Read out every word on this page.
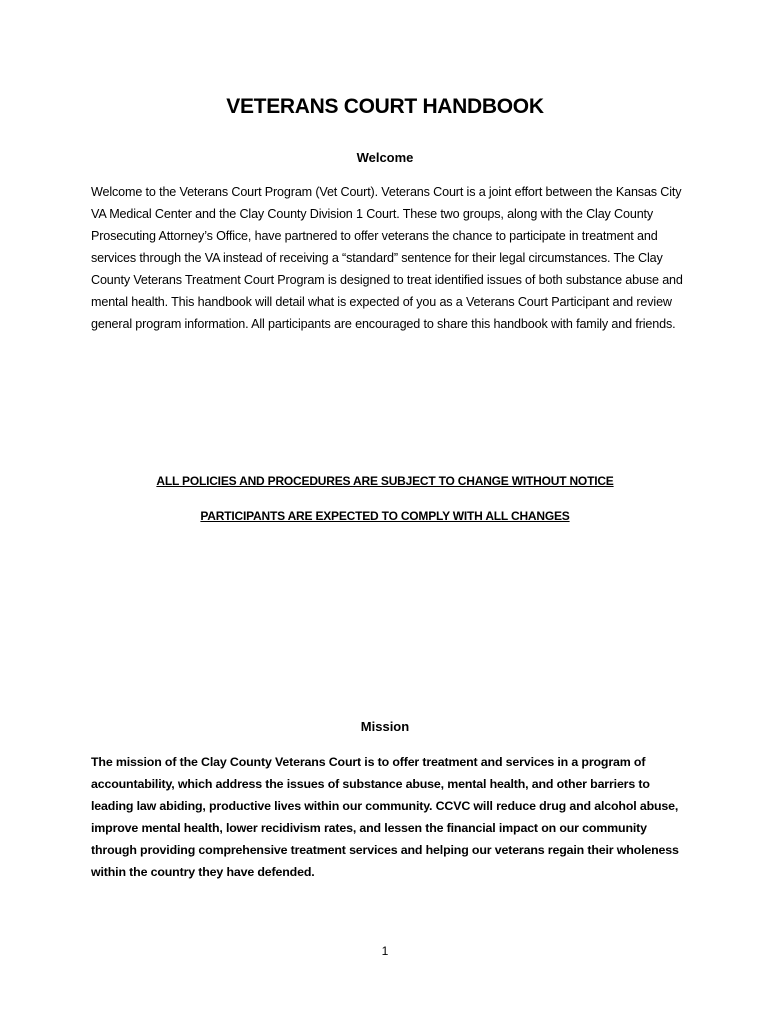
VETERANS COURT HANDBOOK
Welcome
Welcome to the Veterans Court Program (Vet Court). Veterans Court is a joint effort between the Kansas City VA Medical Center and the Clay County Division 1 Court. These two groups, along with the Clay County Prosecuting Attorney’s Office, have partnered to offer veterans the chance to participate in treatment and services through the VA instead of receiving a “standard” sentence for their legal circumstances. The Clay County Veterans Treatment Court Program is designed to treat identified issues of both substance abuse and mental health. This handbook will detail what is expected of you as a Veterans Court Participant and review general program information. All participants are encouraged to share this handbook with family and friends.
ALL POLICIES AND PROCEDURES ARE SUBJECT TO CHANGE WITHOUT NOTICE
PARTICIPANTS ARE EXPECTED TO COMPLY WITH ALL CHANGES
Mission
The mission of the Clay County Veterans Court is to offer treatment and services in a program of accountability, which address the issues of substance abuse, mental health, and other barriers to leading law abiding, productive lives within our community. CCVC will reduce drug and alcohol abuse, improve mental health, lower recidivism rates, and lessen the financial impact on our community through providing comprehensive treatment services and helping our veterans regain their wholeness within the country they have defended.
1
